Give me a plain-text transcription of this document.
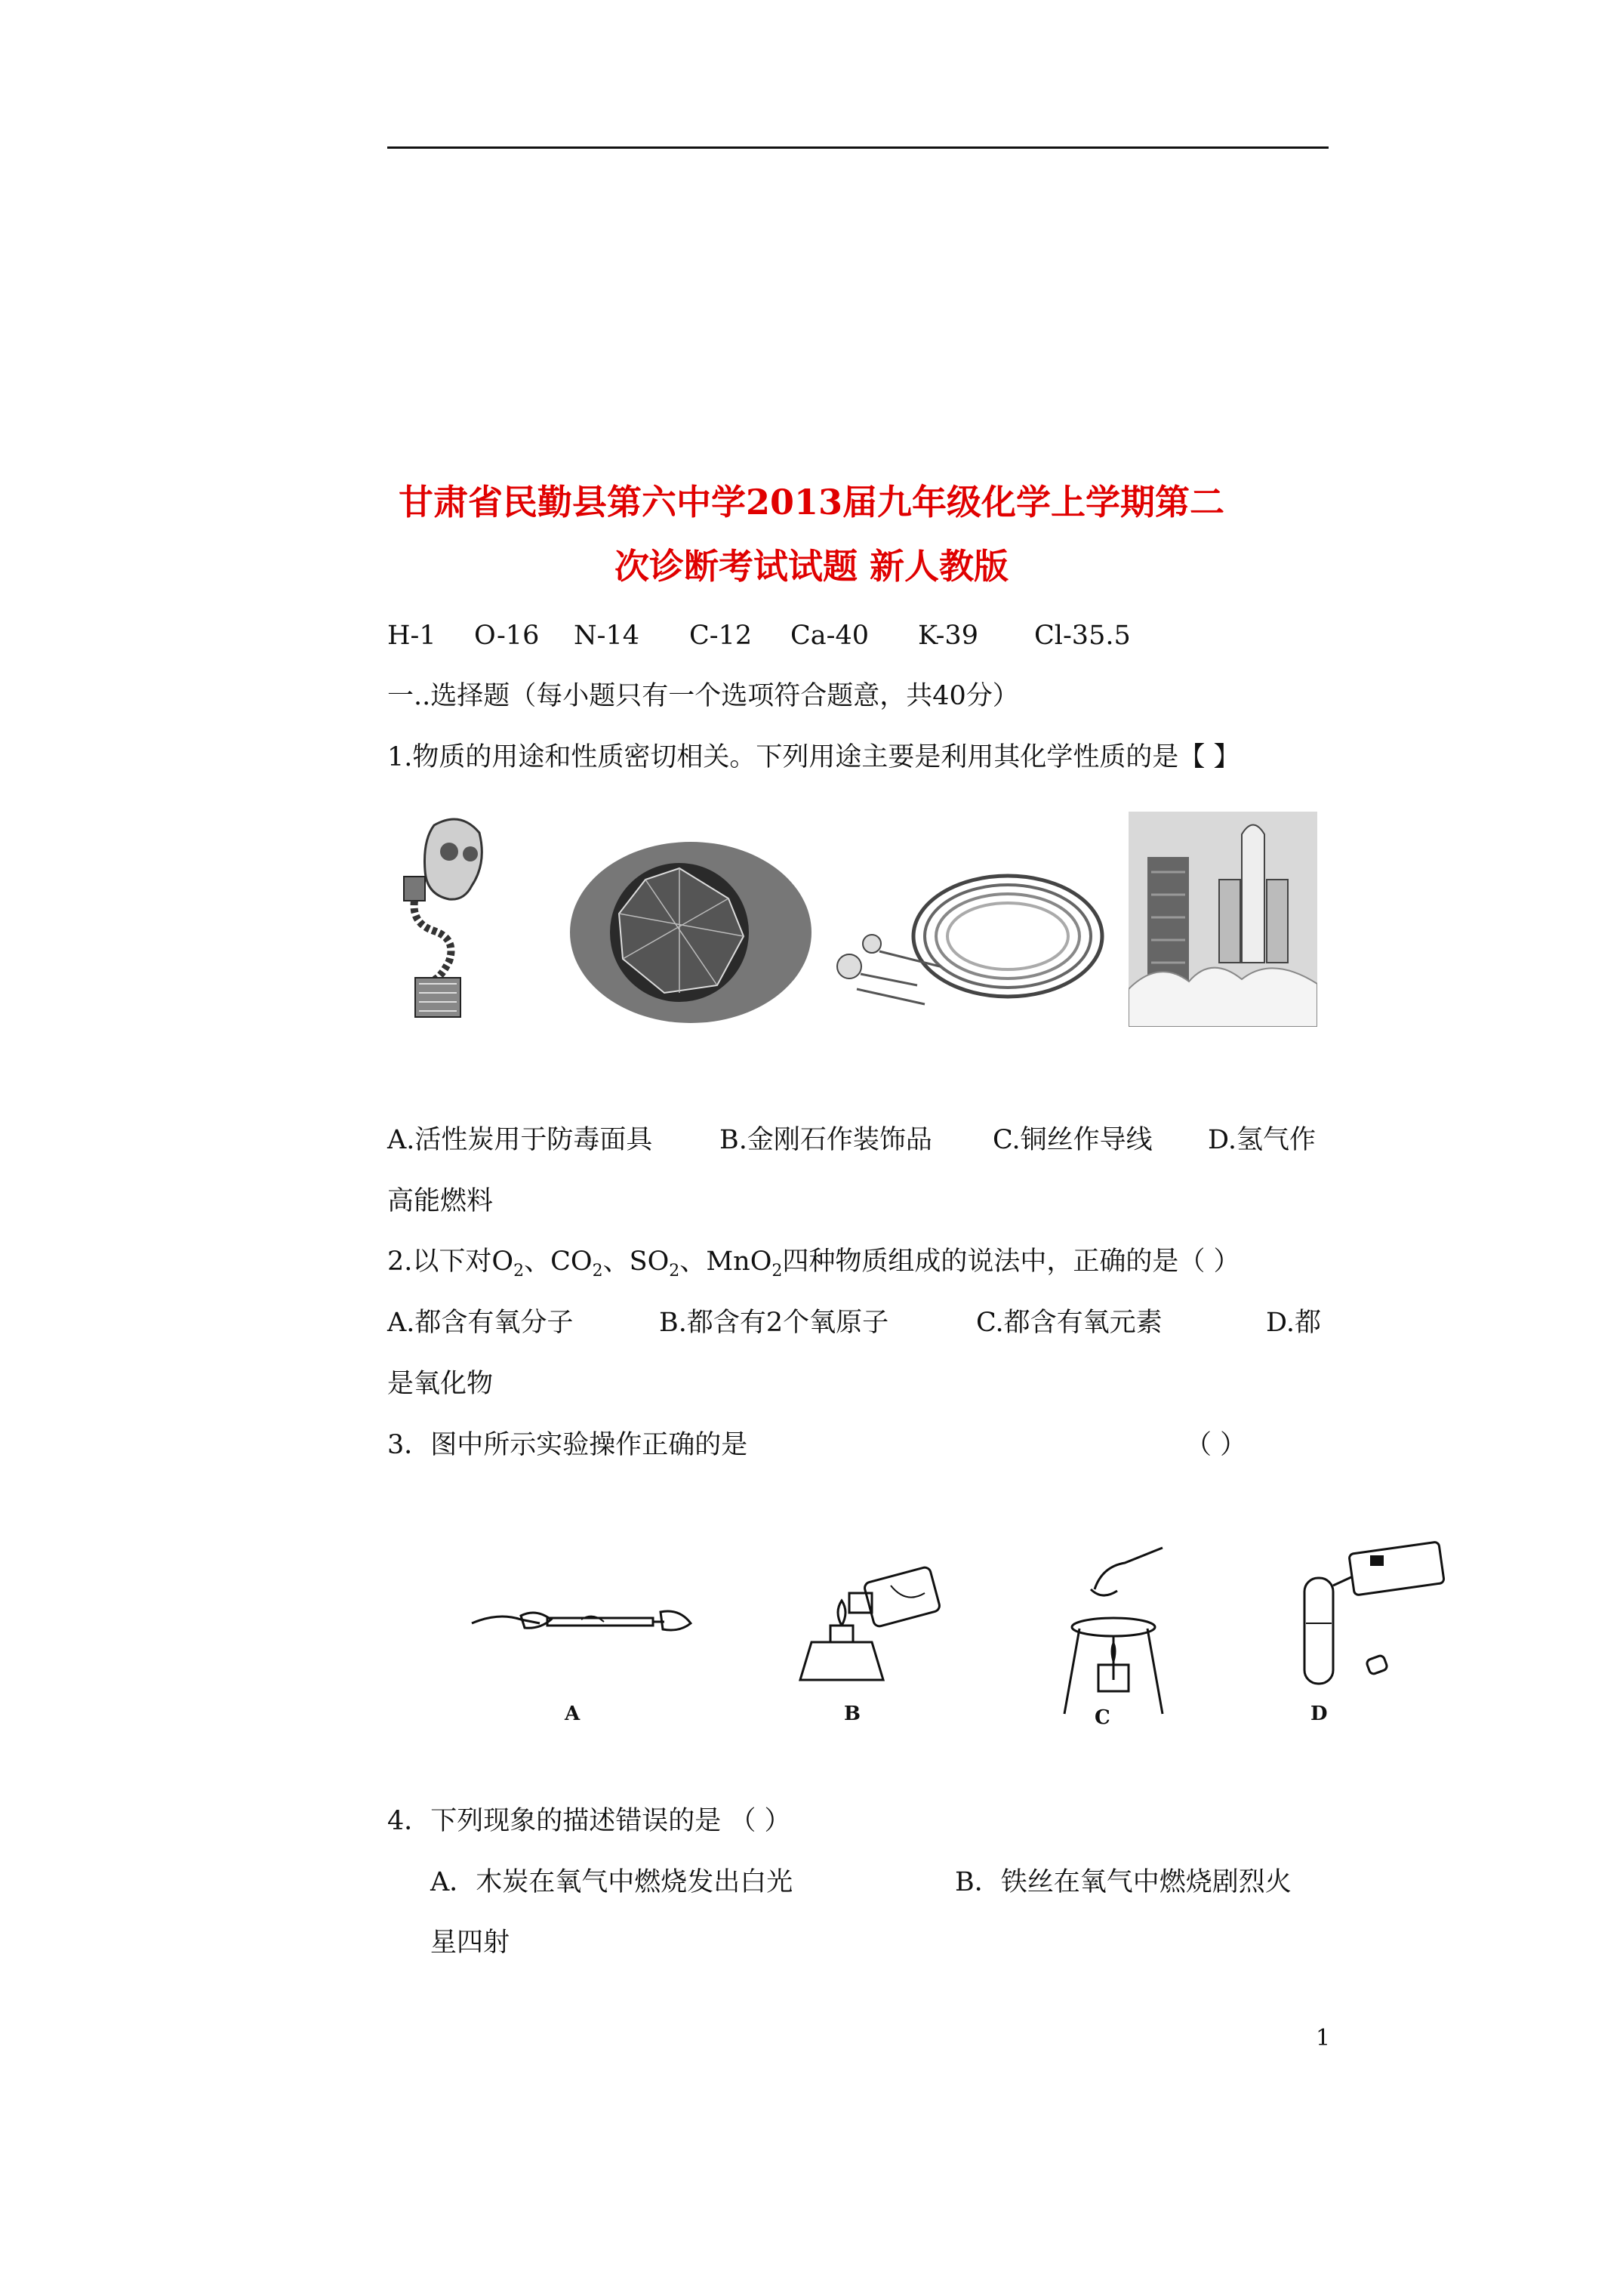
甘肃省民勤县第六中学2013届九年级化学上学期第二
次诊断考试试题 新人教版
H-1 O-16 N-14 C-12 Ca-40 K-39 Cl-35.5
一..选择题（每小题只有一个选项符合题意，共40分）
1.物质的用途和性质密切相关。下列用途主要是利用其化学性质的是【 】
A.活性炭用于防毒面具	B.金刚石作装饰品 C.铜丝作导线 D.氢气作
高能燃料
2.以下对$O_2$、$CO_2$、$SO_2$、MnO$_2$四种物质组成的说法中，正确的是（ ）
A.都含有氧分子	B.都含有2个氧原子	C.都含有氧元素	D.都
是氧化物
3．图中所示实验操作正确的是	（ ）
A	B	C	D
4．下列现象的描述错误的是 （ ）
A．木炭在氧气中燃烧发出白光	B．铁丝在氧气中燃烧剧烈火
星四射
1
